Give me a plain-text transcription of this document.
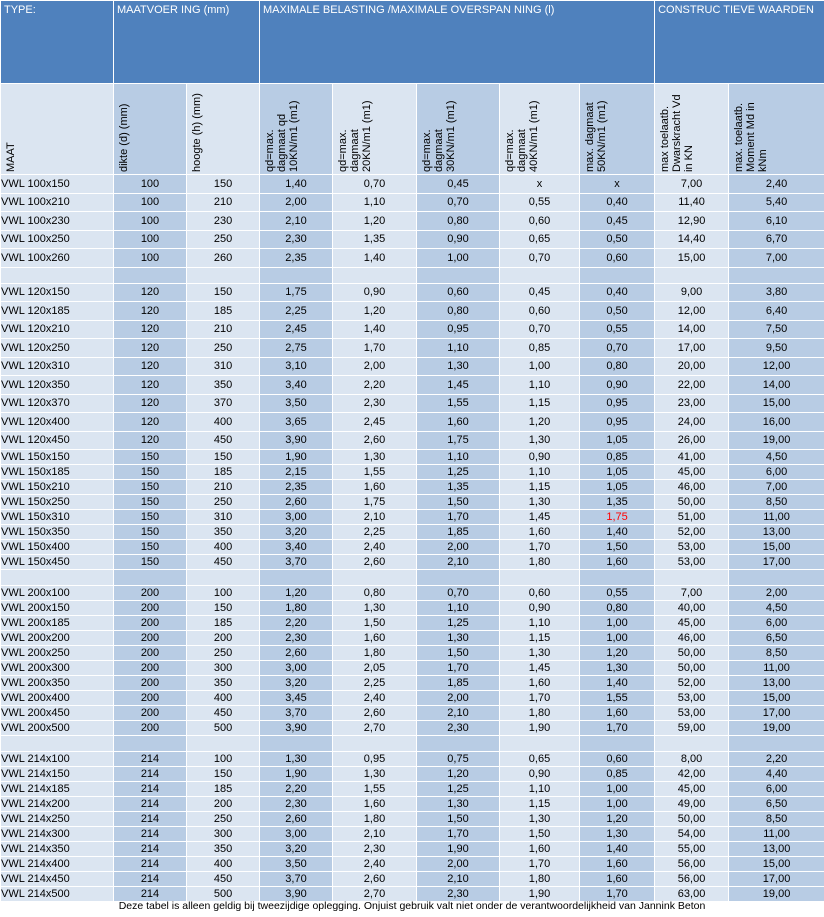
TYPE:	MAATVOER ING (mm)		MAXIMALE BELASTING /MAXIMALE OVERSPAN NING (l)					CONSTRUC TIEVE WAARDEN	

MAAT	dikte (d) (mm)	hoogte (h) (mm)	qd=max. dagmaat qd 10KN/m1 (m1)	qd=max. dagmaat 20KN/m1 (m1)	qd=max. dagmaat 30KN/m1 (m1)	qd=max. dagmaat 40KN/m1 (m1)	max. dagmaat 50KN/m1 (m1)	max toelaatb. Dwarskracht Vd in KN	max. toelaatb. Moment Md in kNm

VWL 100x150	100	150	1,40	0,70	0,45	x	x	7,00	2,40
VWL 100x210	100	210	2,00	1,10	0,70	0,55	0,40	11,40	5,40
VWL 100x230	100	230	2,10	1,20	0,80	0,60	0,45	12,90	6,10
VWL 100x250	100	250	2,30	1,35	0,90	0,65	0,50	14,40	6,70
VWL 100x260	100	260	2,35	1,40	1,00	0,70	0,60	15,00	7,00

VWL 120x150	120	150	1,75	0,90	0,60	0,45	0,40	9,00	3,80
VWL 120x185	120	185	2,25	1,20	0,80	0,60	0,50	12,00	6,40
VWL 120x210	120	210	2,45	1,40	0,95	0,70	0,55	14,00	7,50
VWL 120x250	120	250	2,75	1,70	1,10	0,85	0,70	17,00	9,50
VWL 120x310	120	310	3,10	2,00	1,30	1,00	0,80	20,00	12,00
VWL 120x350	120	350	3,40	2,20	1,45	1,10	0,90	22,00	14,00
VWL 120x370	120	370	3,50	2,30	1,55	1,15	0,95	23,00	15,00
VWL 120x400	120	400	3,65	2,45	1,60	1,20	0,95	24,00	16,00
VWL 120x450	120	450	3,90	2,60	1,75	1,30	1,05	26,00	19,00
VWL 150x150	150	150	1,90	1,30	1,10	0,90	0,85	41,00	4,50
VWL 150x185	150	185	2,15	1,55	1,25	1,10	1,05	45,00	6,00
VWL 150x210	150	210	2,35	1,60	1,35	1,15	1,05	46,00	7,00
VWL 150x250	150	250	2,60	1,75	1,50	1,30	1,35	50,00	8,50
VWL 150x310	150	310	3,00	2,10	1,70	1,45	1,75	51,00	11,00
VWL 150x350	150	350	3,20	2,25	1,85	1,60	1,40	52,00	13,00
VWL 150x400	150	400	3,40	2,40	2,00	1,70	1,50	53,00	15,00
VWL 150x450	150	450	3,70	2,60	2,10	1,80	1,60	53,00	17,00

VWL 200x100	200	100	1,20	0,80	0,70	0,60	0,55	7,00	2,00
VWL 200x150	200	150	1,80	1,30	1,10	0,90	0,80	40,00	4,50
VWL 200x185	200	185	2,20	1,50	1,25	1,10	1,00	45,00	6,00
VWL 200x200	200	200	2,30	1,60	1,30	1,15	1,00	46,00	6,50
VWL 200x250	200	250	2,60	1,80	1,50	1,30	1,20	50,00	8,50
VWL 200x300	200	300	3,00	2,05	1,70	1,45	1,30	50,00	11,00
VWL 200x350	200	350	3,20	2,25	1,85	1,60	1,40	52,00	13,00
VWL 200x400	200	400	3,45	2,40	2,00	1,70	1,55	53,00	15,00
VWL 200x450	200	450	3,70	2,60	2,10	1,80	1,60	53,00	17,00
VWL 200x500	200	500	3,90	2,70	2,30	1,90	1,70	59,00	19,00

VWL 214x100	214	100	1,30	0,95	0,75	0,65	0,60	8,00	2,20
VWL 214x150	214	150	1,90	1,30	1,20	0,90	0,85	42,00	4,40
VWL 214x185	214	185	2,20	1,55	1,25	1,10	1,00	45,00	6,00
VWL 214x200	214	200	2,30	1,60	1,30	1,15	1,00	49,00	6,50
VWL 214x250	214	250	2,60	1,80	1,50	1,30	1,20	50,00	8,50
VWL 214x300	214	300	3,00	2,10	1,70	1,50	1,30	54,00	11,00
VWL 214x350	214	350	3,20	2,30	1,90	1,60	1,40	55,00	13,00
VWL 214x400	214	400	3,50	2,40	2,00	1,70	1,60	56,00	15,00
VWL 214x450	214	450	3,70	2,60	2,10	1,80	1,60	56,00	17,00
VWL 214x500	214	500	3,90	2,70	2,30	1,90	1,70	63,00	19,00
Deze tabel is alleen geldig bij tweezijdige oplegging. Onjuist gebruik valt niet onder de verantwoordelijkheid van Jannink Beton
